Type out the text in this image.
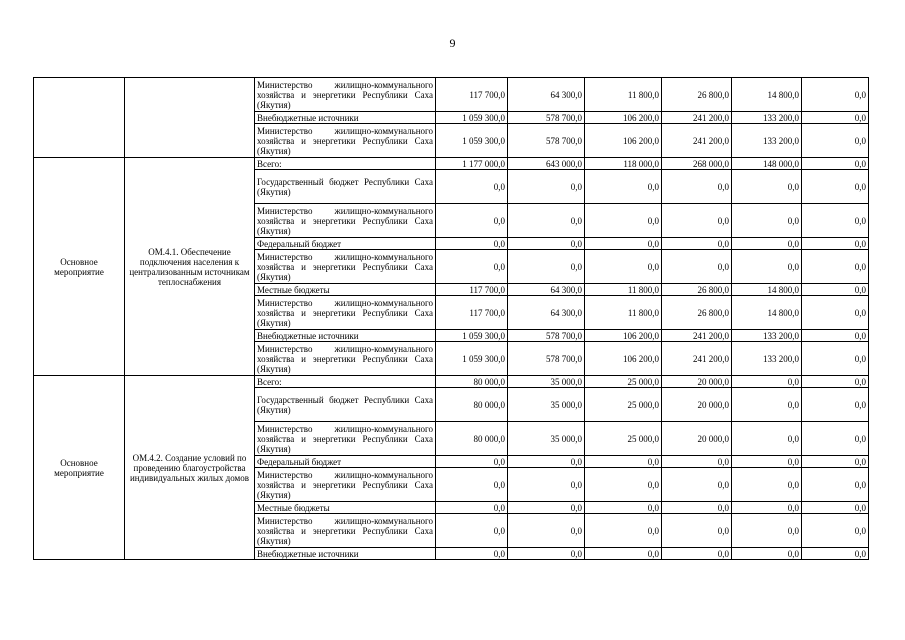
9
		Министерство жилищно-коммунального хозяйства и энергетики Республики Саха (Якутия)	117 700,0	64 300,0	11 800,0	26 800,0	14 800,0	0,0
		Внебюджетные источники	1 059 300,0	578 700,0	106 200,0	241 200,0	133 200,0	0,0
		Министерство жилищно-коммунального хозяйства и энергетики Республики Саха (Якутия)	1 059 300,0	578 700,0	106 200,0	241 200,0	133 200,0	0,0
Основное мероприятие	ОМ.4.1. Обеспечение подключения населения к централизованным источникам теплоснабжения	Всего:	1 177 000,0	643 000,0	118 000,0	268 000,0	148 000,0	0,0
		Государственный бюджет Республики Саха (Якутия)	0,0	0,0	0,0	0,0	0,0	0,0
		Министерство жилищно-коммунального хозяйства и энергетики Республики Саха (Якутия)	0,0	0,0	0,0	0,0	0,0	0,0
		Федеральный бюджет	0,0	0,0	0,0	0,0	0,0	0,0
		Министерство жилищно-коммунального хозяйства и энергетики Республики Саха (Якутия)	0,0	0,0	0,0	0,0	0,0	0,0
		Местные бюджеты	117 700,0	64 300,0	11 800,0	26 800,0	14 800,0	0,0
		Министерство жилищно-коммунального хозяйства и энергетики Республики Саха (Якутия)	117 700,0	64 300,0	11 800,0	26 800,0	14 800,0	0,0
		Внебюджетные источники	1 059 300,0	578 700,0	106 200,0	241 200,0	133 200,0	0,0
		Министерство жилищно-коммунального хозяйства и энергетики Республики Саха (Якутия)	1 059 300,0	578 700,0	106 200,0	241 200,0	133 200,0	0,0
Основное мероприятие	ОМ.4.2. Создание условий по проведению благоустройства индивидуальных жилых домов	Всего:	80 000,0	35 000,0	25 000,0	20 000,0	0,0	0,0
		Государственный бюджет Республики Саха (Якутия)	80 000,0	35 000,0	25 000,0	20 000,0	0,0	0,0
		Министерство жилищно-коммунального хозяйства и энергетики Республики Саха (Якутия)	80 000,0	35 000,0	25 000,0	20 000,0	0,0	0,0
		Федеральный бюджет	0,0	0,0	0,0	0,0	0,0	0,0
		Министерство жилищно-коммунального хозяйства и энергетики Республики Саха (Якутия)	0,0	0,0	0,0	0,0	0,0	0,0
		Местные бюджеты	0,0	0,0	0,0	0,0	0,0	0,0
		Министерство жилищно-коммунального хозяйства и энергетики Республики Саха (Якутия)	0,0	0,0	0,0	0,0	0,0	0,0
		Внебюджетные источники	0,0	0,0	0,0	0,0	0,0	0,0
